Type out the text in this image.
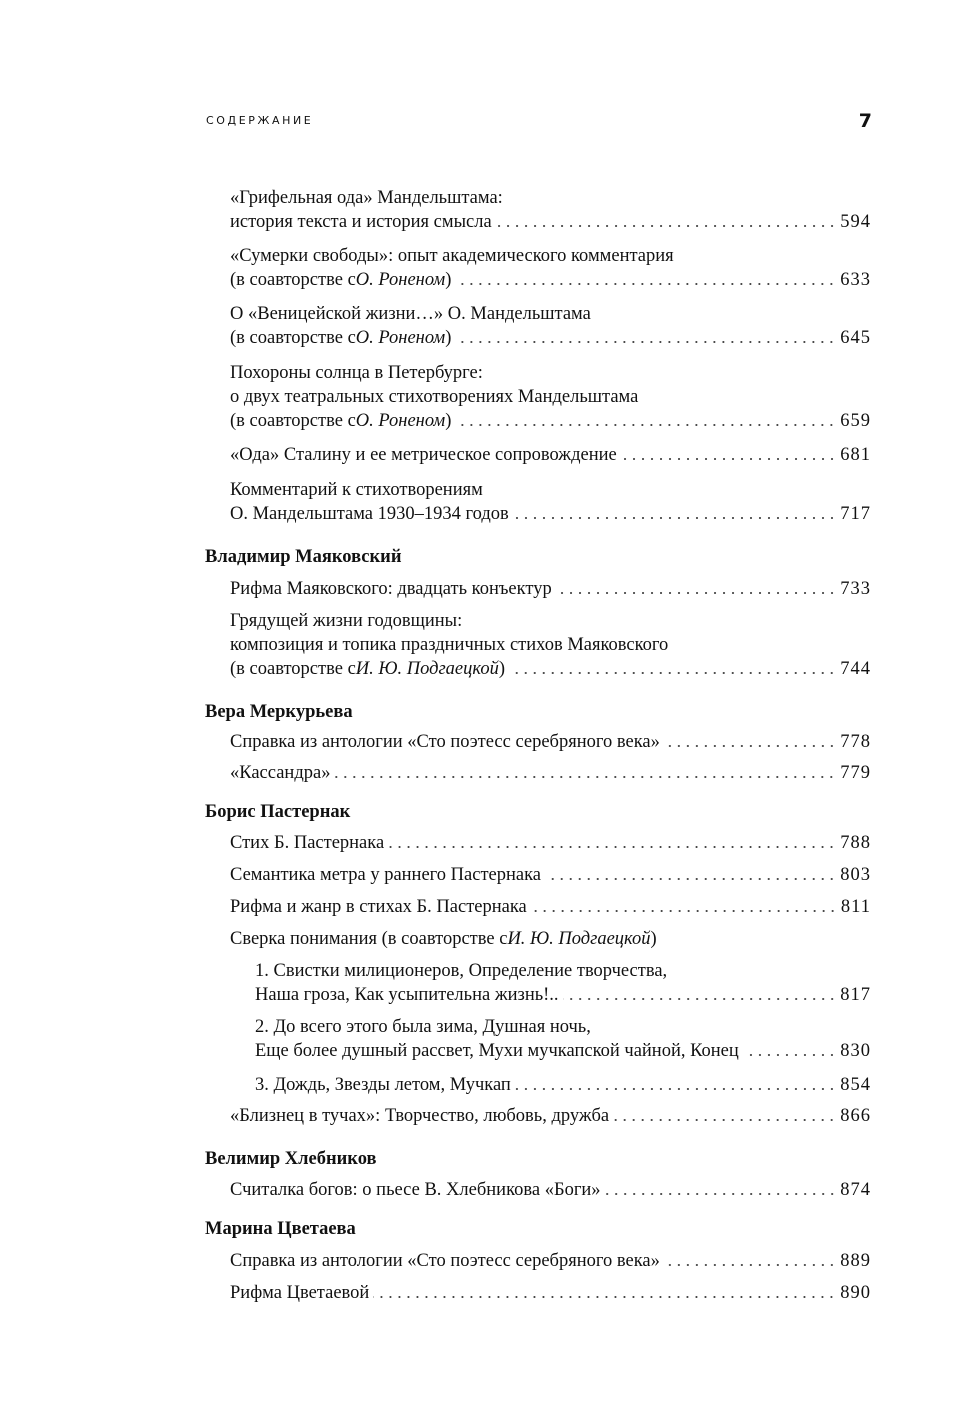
СОДЕРЖАНИЕ	7
«Грифельная ода» Мандельштама:
история текста и история смысла	594
«Сумерки свободы»: опыт академического комментария
(в соавторстве с О. Роненом )	633
О «Веницейской жизни…» О. Мандельштама
(в соавторстве с О. Роненом )	645
Похороны солнца в Петербурге:
о двух театральных стихотворениях Мандельштама
(в соавторстве с О. Роненом )	659
«Ода» Сталину и ее метрическое сопровождение	681
Комментарий к стихотворениям
О. Мандельштама 1930–1934 годов	717
Владимир Маяковский
Рифма Маяковского: двадцать конъектур	733
Грядущей жизни годовщины:
композиция и топика праздничных стихов Маяковского
(в соавторстве с И. Ю. Подгаецкой )	744
Вера Меркурьева
Справка из антологии «Сто поэтесс серебряного века»	778
«Кассандра»	779
Борис Пастернак
Стих Б. Пастернака	788
Семантика метра у раннего Пастернака	803
Рифма и жанр в стихах Б. Пастернака	811
Сверка понимания (в соавторстве с И. Ю. Подгаецкой )
1. Свистки милиционеров, Определение творчества,
Наша гроза, Как усыпительна жизнь!..	817
2. До всего этого была зима, Душная ночь,
Еще более душный рассвет, Мухи мучкапской чайной, Конец	830
3. Дождь, Звезды летом, Мучкап	854
«Близнец в тучах»: Творчество, любовь, дружба	866
Велимир Хлебников
Считалка богов: о пьесе В. Хлебникова «Боги»	874
Марина Цветаева
Справка из антологии «Сто поэтесс серебряного века»	889
Рифма Цветаевой	890
